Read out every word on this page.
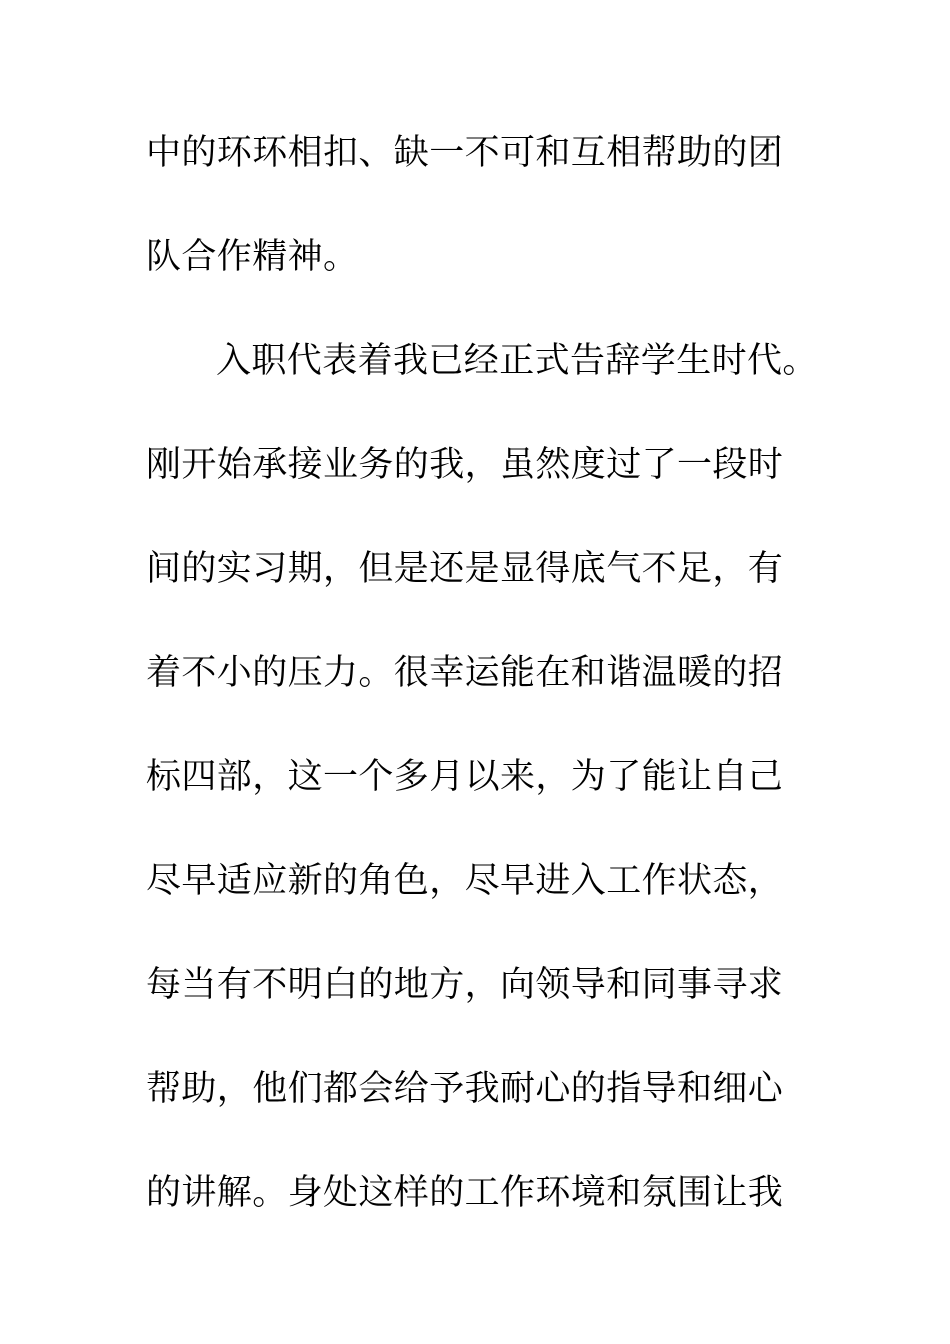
中的环环相扣、缺一不可和互相帮助的团
队合作精神。
入职代表着我已经正式告辞学生时代。
刚开始承接业务的我，虽然度过了一段时
间的实习期，但是还是显得底气不足，有
着不小的压力。很幸运能在和谐温暖的招
标四部，这一个多月以来，为了能让自己
尽早适应新的角色，尽早进入工作状态，
每当有不明白的地方，向领导和同事寻求
帮助，他们都会给予我耐心的指导和细心
的讲解。身处这样的工作环境和氛围让我
